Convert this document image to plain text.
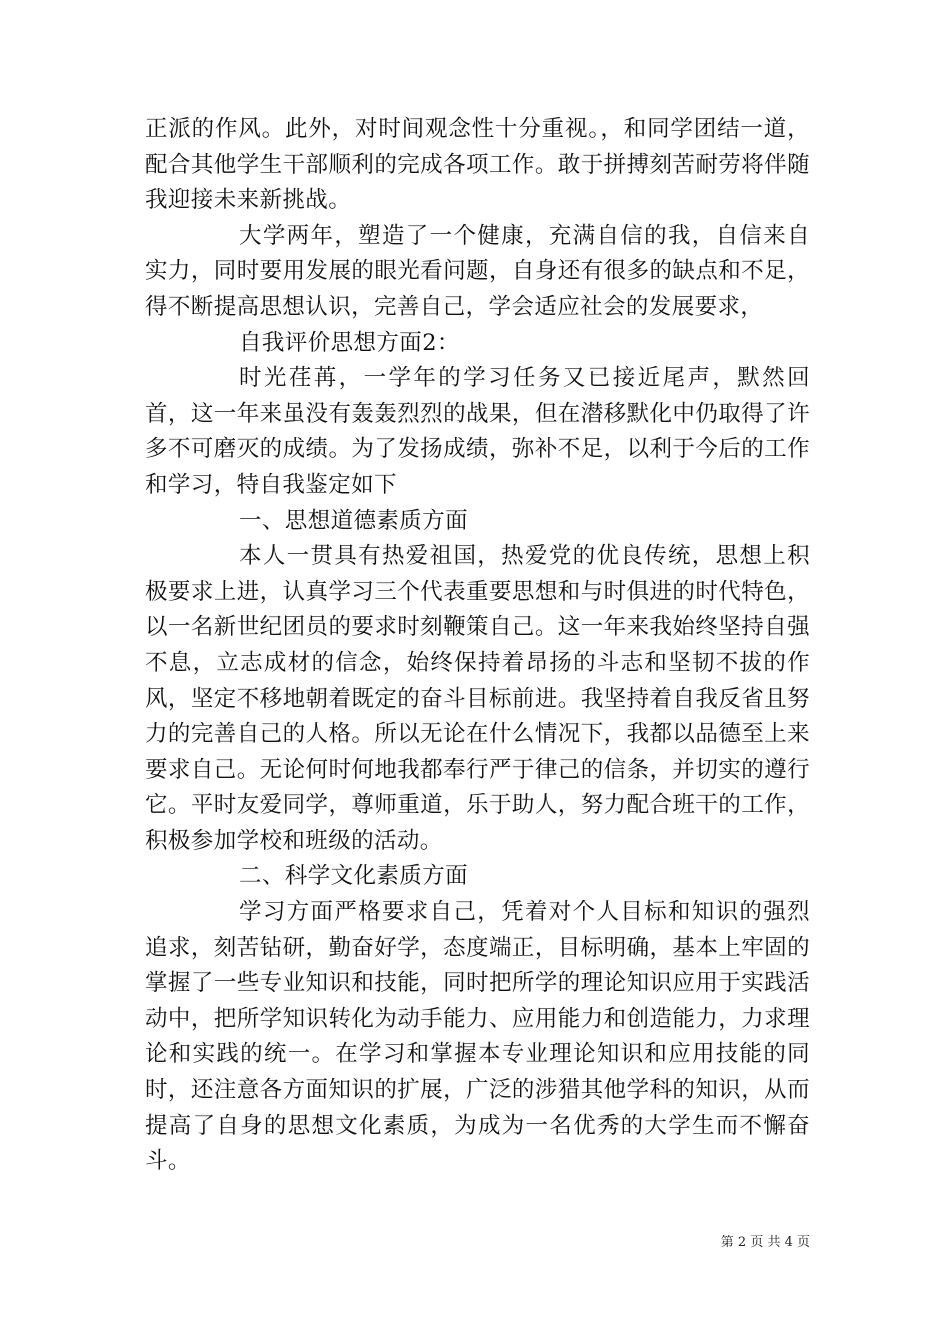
正派的作风。此外，对时间观念性十分重视。，和同学团结一道，配合其他学生干部顺利的完成各项工作。敢于拼搏刻苦耐劳将伴随我迎接未来新挑战。

大学两年，塑造了一个健康，充满自信的我，自信来自实力，同时要用发展的眼光看问题，自身还有很多的缺点和不足，得不断提高思想认识，完善自己，学会适应社会的发展要求，

自我评价思想方面2：

时光荏苒，一学年的学习任务又已接近尾声，默然回首，这一年来虽没有轰轰烈烈的战果，但在潜移默化中仍取得了许多不可磨灭的成绩。为了发扬成绩，弥补不足，以利于今后的工作和学习，特自我鉴定如下

一、思想道德素质方面

本人一贯具有热爱祖国，热爱党的优良传统，思想上积极要求上进，认真学习三个代表重要思想和与时俱进的时代特色，以一名新世纪团员的要求时刻鞭策自己。这一年来我始终坚持自强不息，立志成材的信念，始终保持着昂扬的斗志和坚韧不拔的作风，坚定不移地朝着既定的奋斗目标前进。我坚持着自我反省且努力的完善自己的人格。所以无论在什么情况下，我都以品德至上来要求自己。无论何时何地我都奉行严于律己的信条，并切实的遵行它。平时友爱同学，尊师重道，乐于助人，努力配合班干的工作，积极参加学校和班级的活动。

二、科学文化素质方面

学习方面严格要求自己，凭着对个人目标和知识的强烈追求，刻苦钻研，勤奋好学，态度端正，目标明确，基本上牢固的掌握了一些专业知识和技能，同时把所学的理论知识应用于实践活动中，把所学知识转化为动手能力、应用能力和创造能力，力求理论和实践的统一。在学习和掌握本专业理论知识和应用技能的同时，还注意各方面知识的扩展，广泛的涉猎其他学科的知识，从而提高了自身的思想文化素质，为成为一名优秀的大学生而不懈奋斗。

第 2 页 共 4 页
